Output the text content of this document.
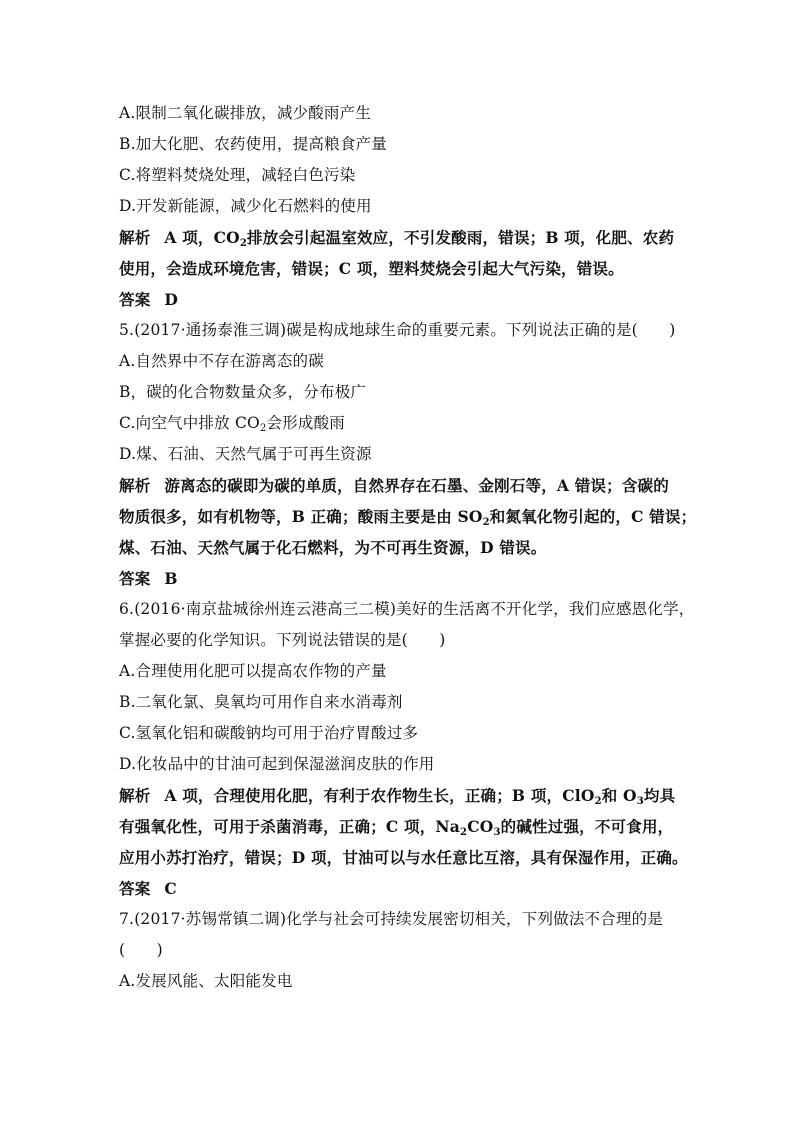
A.限制二氧化碳排放，减少酸雨产生
B.加大化肥、农药使用，提高粮食产量
C.将塑料焚烧处理，减轻白色污染
D.开发新能源，减少化石燃料的使用
解析 A 项，$CO_2$排放会引起温室效应，不引发酸雨，错误；B 项，化肥、农药
使用，会造成环境危害，错误；C 项，塑料焚烧会引起大气污染，错误。
答案 D
5.(2017·通扬泰淮三调)碳是构成地球生命的重要元素。下列说法正确的是(　　)
A.自然界中不存在游离态的碳
B，碳的化合物数量众多，分布极广
C.向空气中排放 $CO_2$会形成酸雨
D.煤、石油、天然气属于可再生资源
解析 游离态的碳即为碳的单质，自然界存在石墨、金刚石等，A 错误；含碳的
物质很多，如有机物等，B 正确；酸雨主要是由 $SO_2$和氮氧化物引起的，C 错误；
煤、石油、天然气属于化石燃料，为不可再生资源，D 错误。
答案 B
6.(2016·南京盐城徐州连云港高三二模)美好的生活离不开化学，我们应感恩化学，
掌握必要的化学知识。下列说法错误的是(　　)
A.合理使用化肥可以提高农作物的产量
B.二氧化氯、臭氧均可用作自来水消毒剂
C.氢氧化铝和碳酸钠均可用于治疗胃酸过多
D.化妆品中的甘油可起到保湿滋润皮肤的作用
解析 A 项，合理使用化肥，有利于农作物生长，正确；B 项，ClO$_2$和 $O_3$均具
有强氧化性，可用于杀菌消毒，正确；C 项，$Na_2CO_3$的碱性过强，不可食用，
应用小苏打治疗，错误；D 项，甘油可以与水任意比互溶，具有保湿作用，正确。
答案 C
7.(2017·苏锡常镇二调)化学与社会可持续发展密切相关，下列做法不合理的是
(　　)
A.发展风能、太阳能发电
